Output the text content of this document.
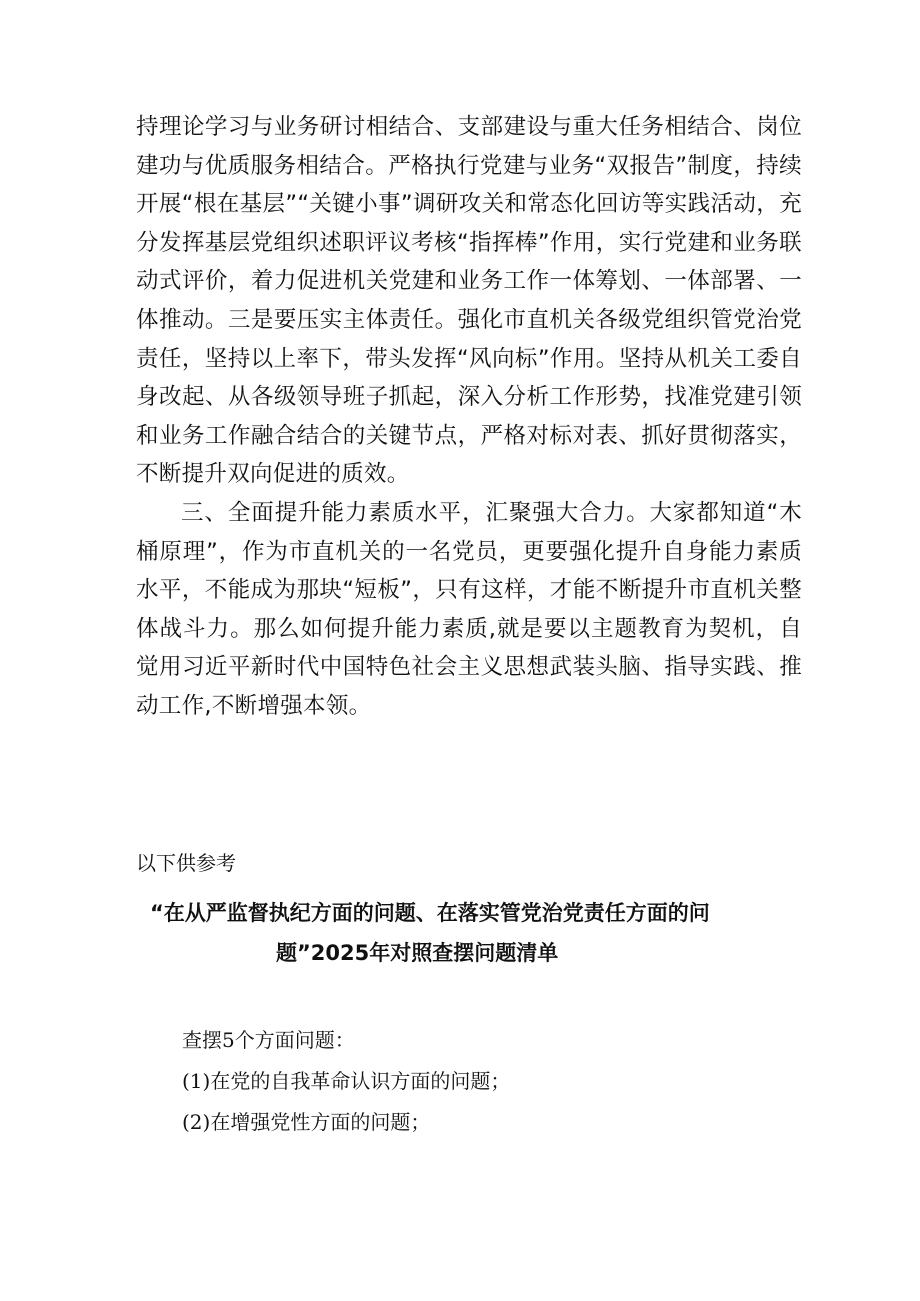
持理论学习与业务研讨相结合、支部建设与重大任务相结合、岗位建功与优质服务相结合。严格执行党建与业务“双报告”制度，持续开展“根在基层”“关键小事”调研攻关和常态化回访等实践活动，充分发挥基层党组织述职评议考核“指挥棒”作用，实行党建和业务联动式评价，着力促进机关党建和业务工作一体筹划、一体部署、一体推动。三是要压实主体责任。强化市直机关各级党组织管党治党责任，坚持以上率下，带头发挥“风向标”作用。坚持从机关工委自身改起、从各级领导班子抓起，深入分析工作形势，找准党建引领和业务工作融合结合的关键节点，严格对标对表、抓好贯彻落实，不断提升双向促进的质效。

三、全面提升能力素质水平，汇聚强大合力。大家都知道“木桶原理”，作为市直机关的一名党员，更要强化提升自身能力素质水平，不能成为那块“短板”，只有这样，才能不断提升市直机关整体战斗力。那么如何提升能力素质,就是要以主题教育为契机，自觉用习近平新时代中国特色社会主义思想武装头脑、指导实践、推动工作,不断增强本领。

以下供参考

“在从严监督执纪方面的问题、在落实管党治党责任方面的问
题”2025年对照查摆问题清单
查摆5个方面问题：
(1)在党的自我革命认识方面的问题；
(2)在增强党性方面的问题；
